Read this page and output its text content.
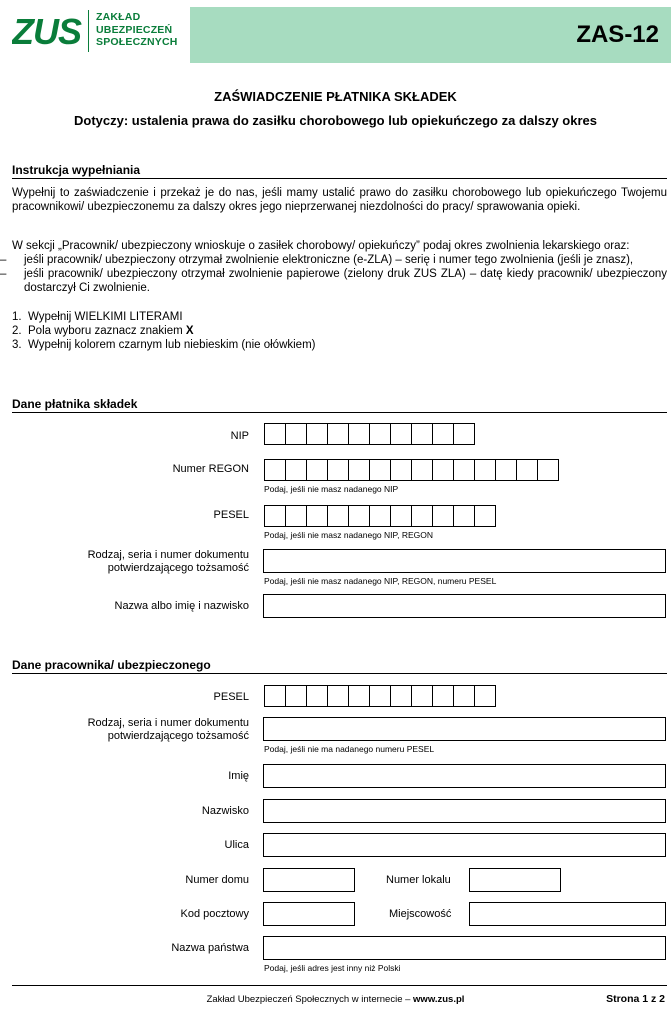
ZAS-12
ZUS ZAKŁAD
UBEZPIECZEŃ
SPOŁECZNYCH
ZAŚWIADCZENIE PŁATNIKA SKŁADEK
Dotyczy: ustalenia prawa do zasiłku chorobowego lub opiekuńczego za dalszy okres
Instrukcja wypełniania
Wypełnij to zaświadczenie i przekaż je do nas, jeśli mamy ustalić prawo do zasiłku chorobowego lub opiekuńczego Twojemu pracownikowi/ ubezpieczonemu za dalszy okres jego nieprzerwanej niezdolności do pracy/ sprawowania opieki.
W sekcji „Pracownik/ ubezpieczony wnioskuje o zasiłek chorobowy/ opiekuńczy” podaj okres zwolnienia lekarskiego oraz:
– jeśli pracownik/ ubezpieczony otrzymał zwolnienie elektroniczne (e-ZLA) – serię i numer tego zwolnienia (jeśli je znasz),
– jeśli pracownik/ ubezpieczony otrzymał zwolnienie papierowe (zielony druk ZUS ZLA) – datę kiedy pracownik/ ubezpieczony dostarczył Ci zwolnienie.
1. Wypełnij WIELKIMI LITERAMI
2. Pola wyboru zaznacz znakiem X
3. Wypełnij kolorem czarnym lub niebieskim (nie ołówkiem)
Dane płatnika składek
NIP
Numer REGON
Podaj, jeśli nie masz nadanego NIP
PESEL
Podaj, jeśli nie masz nadanego NIP, REGON
Rodzaj, seria i numer dokumentu
potwierdzającego tożsamość
Podaj, jeśli nie masz nadanego NIP, REGON, numeru PESEL
Nazwa albo imię i nazwisko
Dane pracownika/ ubezpieczonego
PESEL
Rodzaj, seria i numer dokumentu
potwierdzającego tożsamość
Podaj, jeśli nie ma nadanego numeru PESEL
Imię
Nazwisko
Ulica
Numer domu	Numer lokalu
Kod pocztowy	Miejscowość
Nazwa państwa
Podaj, jeśli adres jest inny niż Polski
Zakład Ubezpieczeń Społecznych w internecie – www.zus.pl	Strona 1 z 2
